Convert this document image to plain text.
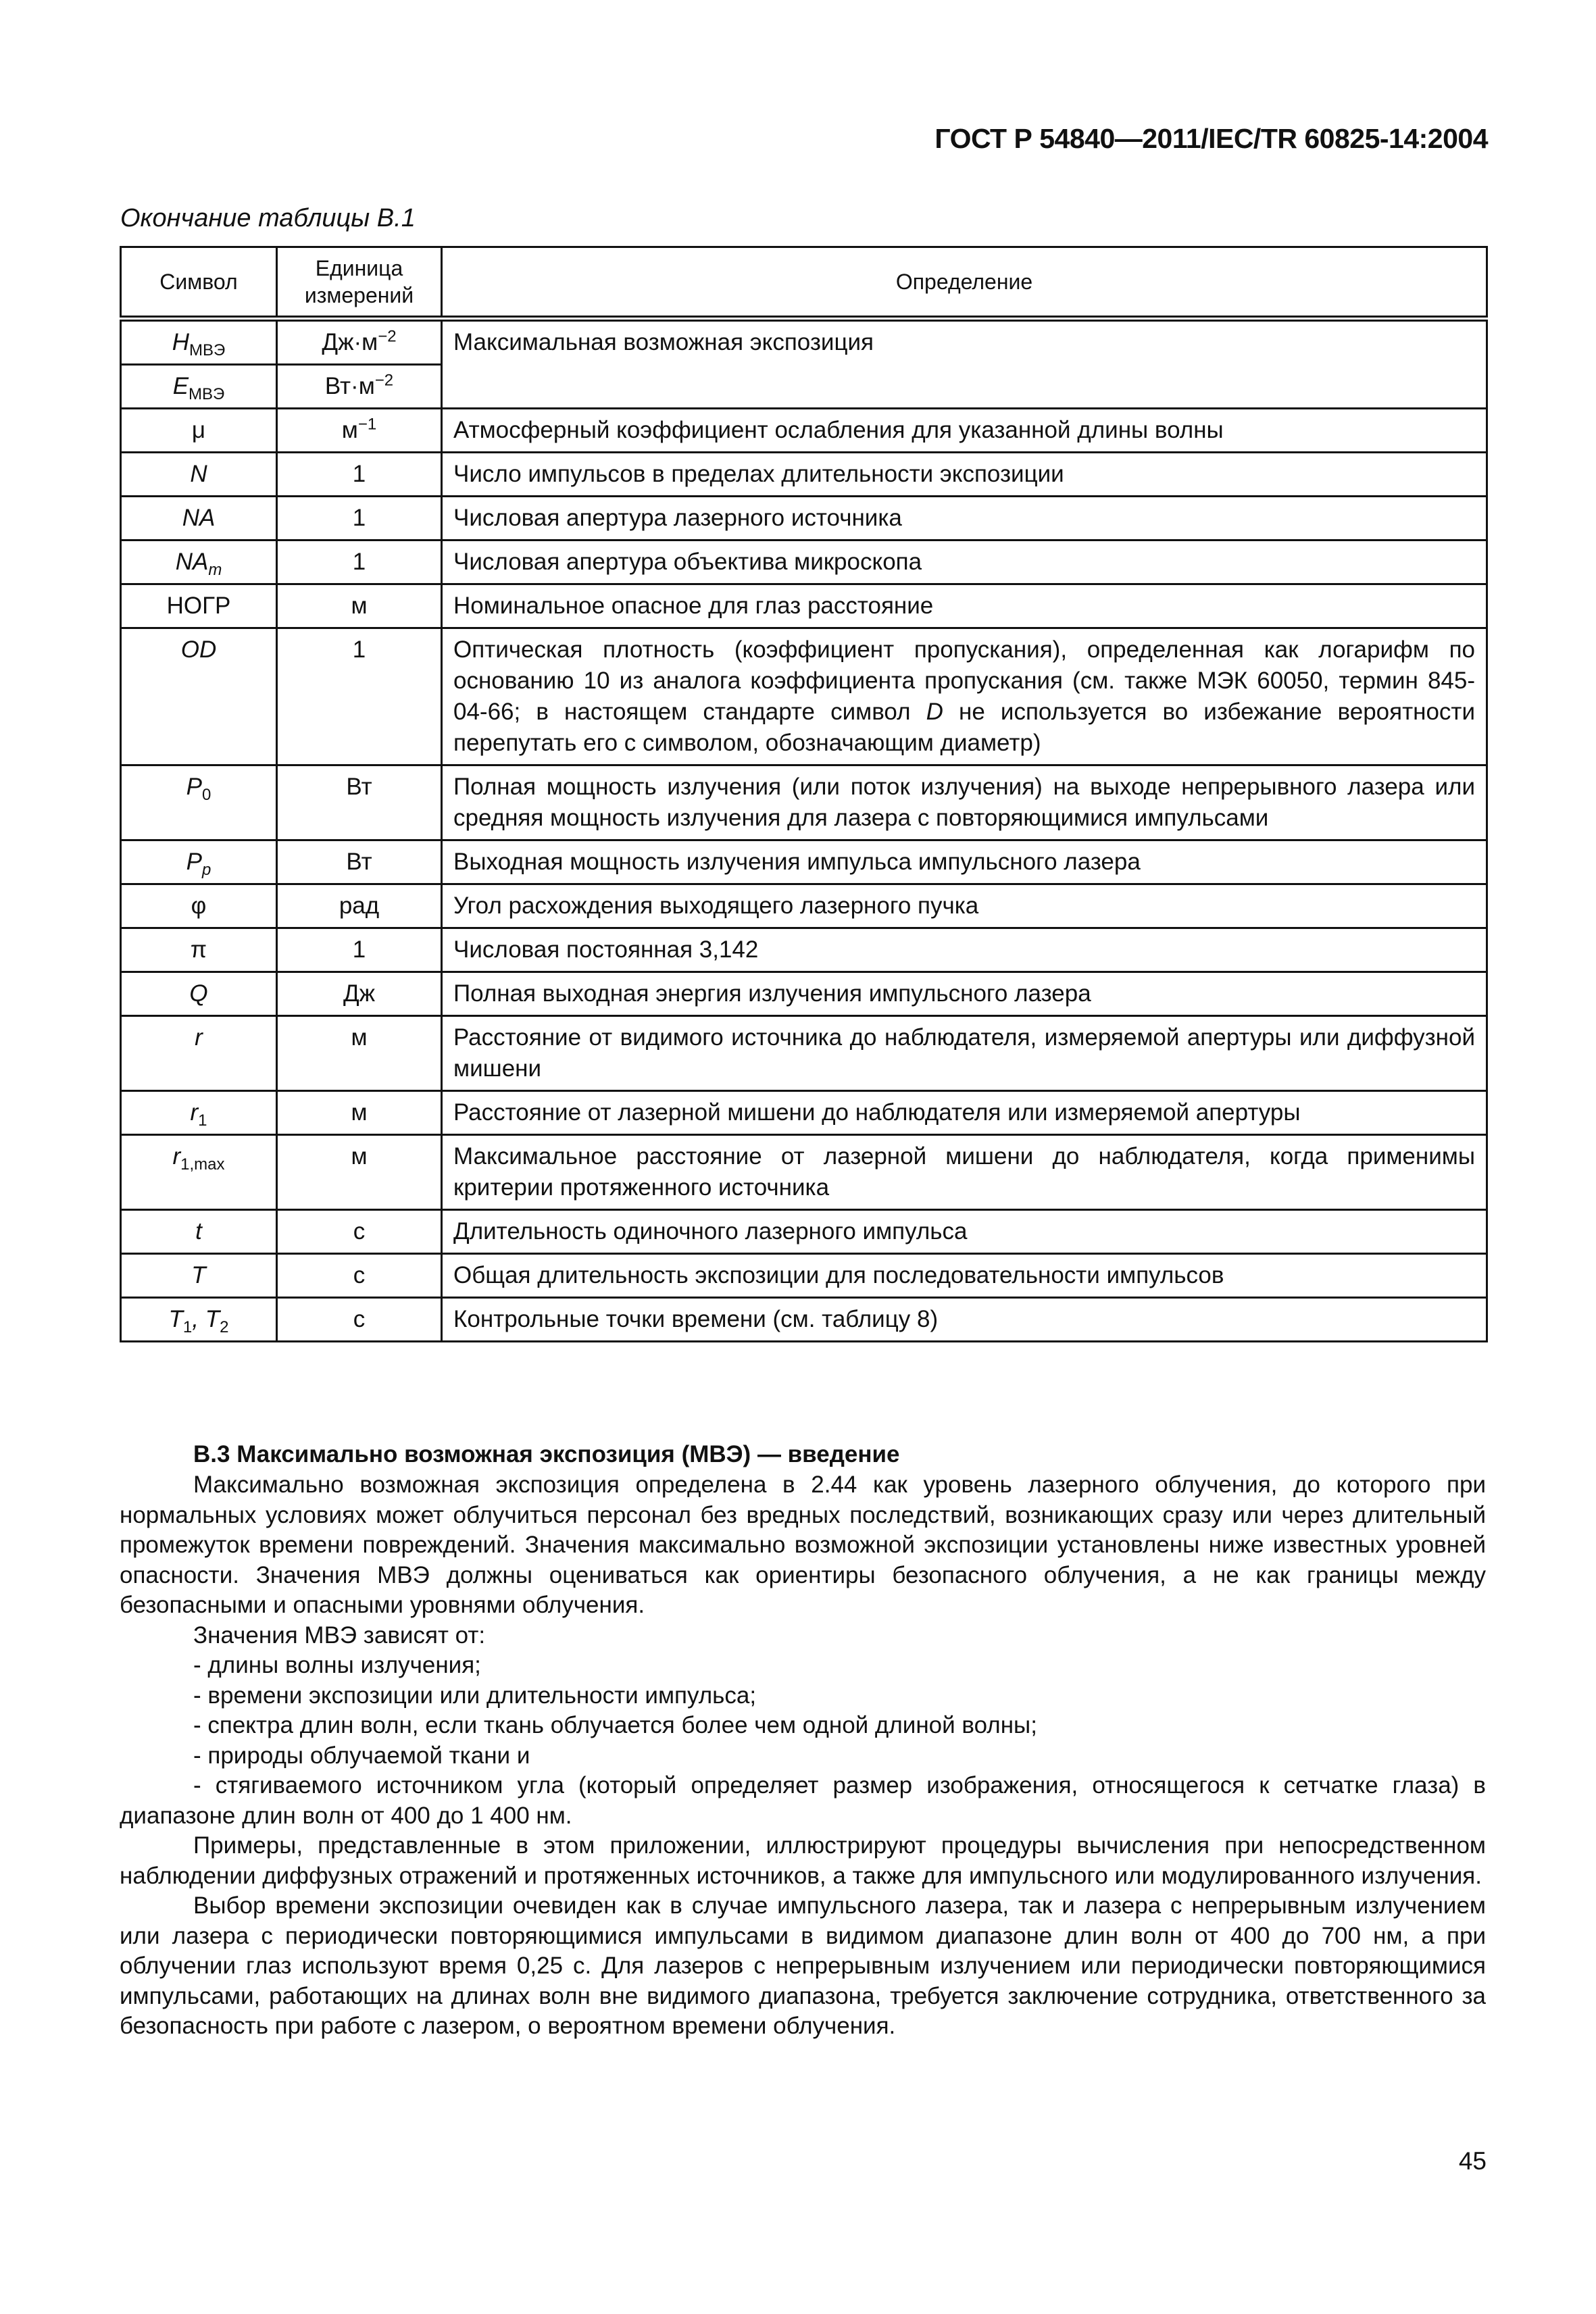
ГОСТ Р 54840—2011/IEC/TR 60825-14:2004
Окончание таблицы В.1
Символ	Единица измерений	Определение
$H_{МВЭ}$	$Дж\cdot м^{-2}$	Максимальная возможная экспозиция
$E_{МВЭ}$	$Вт\cdot м^{-2}$
μ	$м^{-1}$	Атмосферный коэффициент ослабления для указанной длины волны
N	1	Число импульсов в пределах длительности экспозиции
NA	1	Числовая апертура лазерного источника
$NA_m$	1	Числовая апертура объектива микроскопа
НОГР	м	Номинальное опасное для глаз расстояние
OD	1	Оптическая плотность (коэффициент пропускания), определенная как логарифм по основанию 10 из аналога коэффициента пропускания (см. также МЭК 60050, термин 845-04-66; в настоящем стандарте символ D не используется во избежание вероятности перепутать его с символом, обозначающим диаметр)
$P_0$	Вт	Полная мощность излучения (или поток излучения) на выходе непрерывного лазера или средняя мощность излучения для лазера с повторяющимися импульсами
$P_p$	Вт	Выходная мощность излучения импульса импульсного лазера
φ	рад	Угол расхождения выходящего лазерного пучка
π	1	Числовая постоянная 3,142
Q	Дж	Полная выходная энергия излучения импульсного лазера
r	м	Расстояние от видимого источника до наблюдателя, измеряемой апертуры или диффузной мишени
$r_1$	м	Расстояние от лазерной мишени до наблюдателя или измеряемой апертуры
$r_{1,max}$	м	Максимальное расстояние от лазерной мишени до наблюдателя, когда применимы критерии протяженного источника
t	с	Длительность одиночного лазерного импульса
T	с	Общая длительность экспозиции для последовательности импульсов
$T_1$, $T_2$	с	Контрольные точки времени (см. таблицу 8)
В.3 Максимально возможная экспозиция (МВЭ) — введение

Максимально возможная экспозиция определена в 2.44 как уровень лазерного облучения, до которого при нормальных условиях может облучиться персонал без вредных последствий, возникающих сразу или через длительный промежуток времени повреждений. Значения максимально возможной экспозиции установлены ниже известных уровней опасности. Значения МВЭ должны оцениваться как ориентиры безопасного облучения, а не как границы между безопасными и опасными уровнями облучения.

Значения МВЭ зависят от:

- длины волны излучения;

- времени экспозиции или длительности импульса;

- спектра длин волн, если ткань облучается более чем одной длиной волны;

- природы облучаемой ткани и

- стягиваемого источником угла (который определяет размер изображения, относящегося к сетчатке глаза) в диапазоне длин волн от 400 до 1 400 нм.

Примеры, представленные в этом приложении, иллюстрируют процедуры вычисления при непосредственном наблюдении диффузных отражений и протяженных источников, а также для импульсного или модулированного излучения.

Выбор времени экспозиции очевиден как в случае импульсного лазера, так и лазера с непрерывным излучением или лазера с периодически повторяющимися импульсами в видимом диапазоне длин волн от 400 до 700 нм, а при облучении глаз используют время 0,25 с. Для лазеров с непрерывным излучением или периодически повторяющимися импульсами, работающих на длинах волн вне видимого диапазона, требуется заключение сотрудника, ответственного за безопасность при работе с лазером, о вероятном времени облучения.

45
